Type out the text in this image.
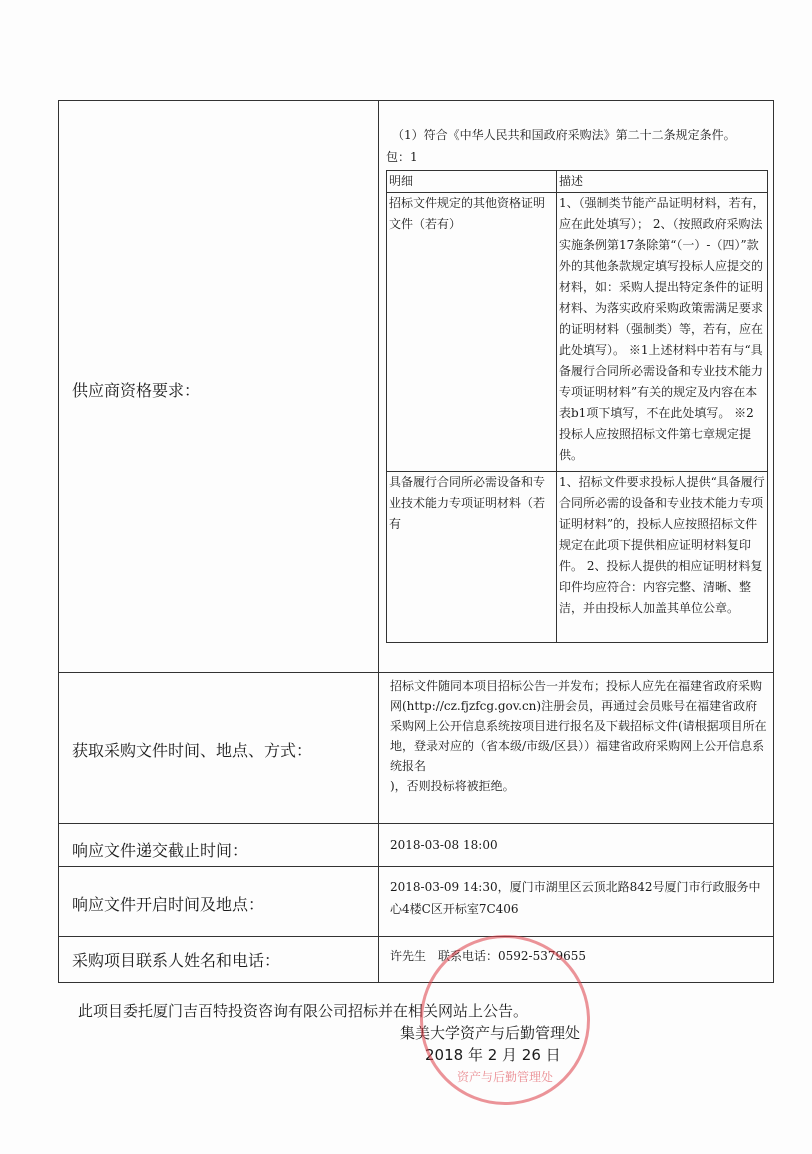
供应商资格要求：
（1）符合《中华人民共和国政府采购法》第二十二条规定条件。
包：1
明细	描述
招标文件规定的其他资格证明文件（若有）	1、（强制类节能产品证明材料，若有，应在此处填写）； 2、（按照政府采购法实施条例第17条除第“（一）-（四）”款外的其他条款规定填写投标人应提交的材料，如：采购人提出特定条件的证明材料、为落实政府采购政策需满足要求的证明材料（强制类）等，若有，应在此处填写）。 ※1上述材料中若有与“具备履行合同所必需设备和专业技术能力专项证明材料”有关的规定及内容在本表b1项下填写，不在此处填写。 ※2投标人应按照招标文件第七章规定提供。
具备履行合同所必需设备和专业技术能力专项证明材料（若有	1、招标文件要求投标人提供“具备履行合同所必需的设备和专业技术能力专项证明材料”的，投标人应按照招标文件规定在此项下提供相应证明材料复印件。 2、投标人提供的相应证明材料复印件均应符合：内容完整、清晰、整洁，并由投标人加盖其单位公章。
获取采购文件时间、地点、方式：
招标文件随同本项目招标公告一并发布；投标人应先在福建省政府采购网(http://cz.fjzfcg.gov.cn)注册会员，再通过会员账号在福建省政府采购网上公开信息系统按项目进行报名及下载招标文件(请根据项目所在地，登录对应的（省本级/市级/区县））福建省政府采购网上公开信息系统报名
)，否则投标将被拒绝。
响应文件递交截止时间：	2018-03-08 18:00
响应文件开启时间及地点：
2018-03-09 14:30，厦门市湖里区云顶北路842号厦门市行政服务中心4楼C区开标室7C406
采购项目联系人姓名和电话：	许先生　联系电话：0592-5379655
此项目委托厦门吉百特投资咨询有限公司招标并在相关网站上公告。
集美大学资产与后勤管理处
2018 年 2 月 26 日
资产与后勤管理处
